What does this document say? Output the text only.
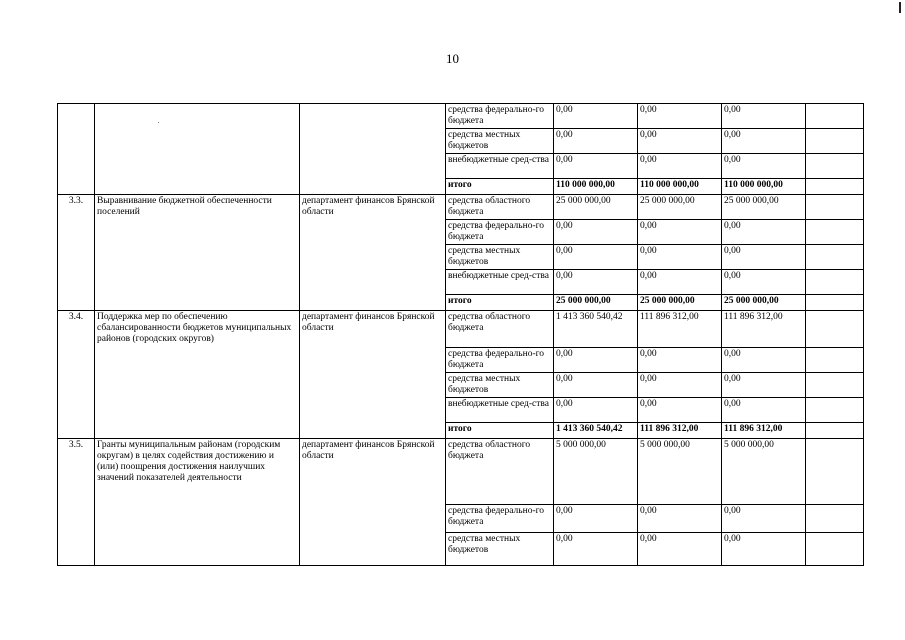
10
			средства федерально-го бюджета	0,00	0,00	0,00	
			средства местных бюджетов	0,00	0,00	0,00	
			внебюджетные сред-ства	0,00	0,00	0,00	
			итого	110 000 000,00	110 000 000,00	110 000 000,00	
3.3.	Выравнивание бюджетной обеспеченности поселений	департамент финансов Брянской области	средства областного бюджета	25 000 000,00	25 000 000,00	25 000 000,00	
			средства федерально-го бюджета	0,00	0,00	0,00	
			средства местных бюджетов	0,00	0,00	0,00	
			внебюджетные сред-ства	0,00	0,00	0,00	
			итого	25 000 000,00	25 000 000,00	25 000 000,00	
3.4.	Поддержка мер по обеспечению сбалансированности бюджетов муниципальных районов (городских округов)	департамент финансов Брянской области	средства областного бюджета	1 413 360 540,42	111 896 312,00	111 896 312,00	
			средства федерально-го бюджета	0,00	0,00	0,00	
			средства местных бюджетов	0,00	0,00	0,00	
			внебюджетные сред-ства	0,00	0,00	0,00	
			итого	1 413 360 540,42	111 896 312,00	111 896 312,00	
3.5.	Гранты муниципальным районам (городским округам) в целях содействия достижению и (или) поощрения достижения наилучших значений показателей деятельности	департамент финансов Брянской области	средства областного бюджета	5 000 000,00	5 000 000,00	5 000 000,00	
			средства федерально-го бюджета	0,00	0,00	0,00	
			средства местных бюджетов	0,00	0,00	0,00	
